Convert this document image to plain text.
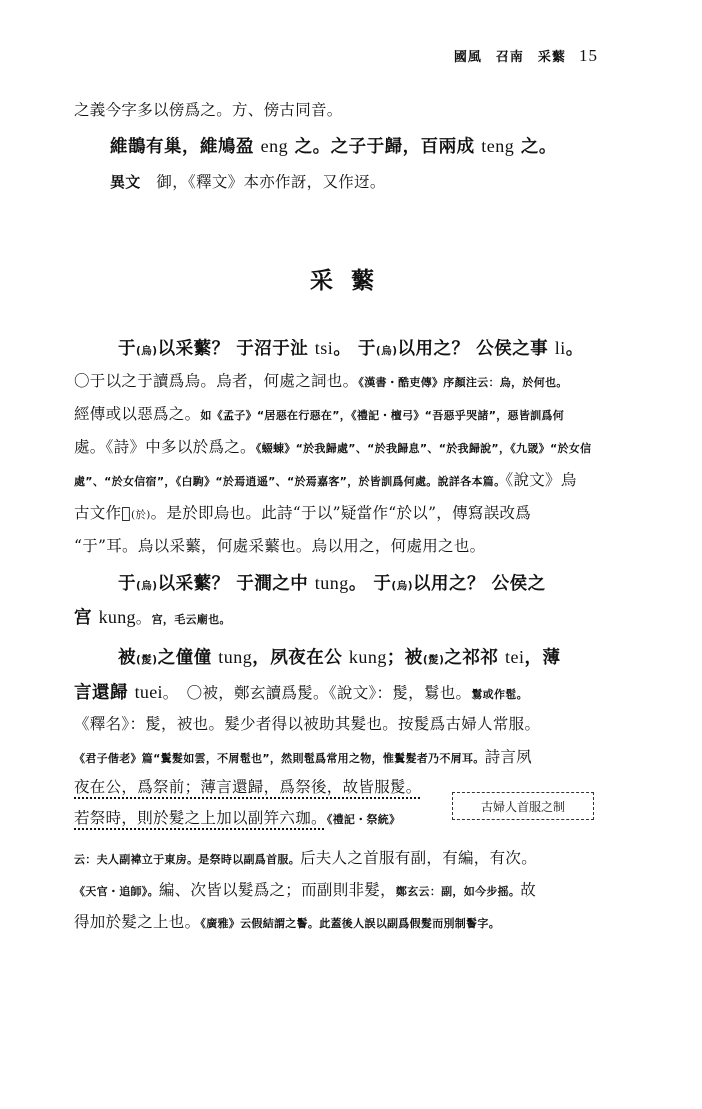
國風　召南　采蘩 15
之義今字多以傍爲之。方、傍古同音。
維鵲有巢，維鳩盈 eng 之。之子于歸，百兩成 teng 之。
異文　御，《釋文》本亦作訝，又作迓。
采蘩
于(烏)以采蘩？ 于沼于沚 tsi。 于(烏)以用之？ 公侯之事 li。
〇于以之于讀爲烏。烏者，何處之詞也。《漢書・酷吏傳》序顏注云：烏，於何也。
經傳或以惡爲之。如《孟子》“居惡在行惡在”，《禮記・檀弓》“吾惡乎哭諸”，惡皆訓爲何
處。《詩》中多以於爲之。《蝃蝀》“於我歸處”、“於我歸息”、“於我歸說”，《九罭》“於女信
處”、“於女信宿”，《白駒》“於焉逍遥”、“於焉嘉客”，於皆訓爲何處。說詳各本篇。《說文》烏
古文作𢑳(於)。是於即烏也。此詩“于以”疑當作“於以”，傳寫誤改爲
“于”耳。烏以采蘩，何處采蘩也。烏以用之，何處用之也。
于(烏)以采蘩？ 于澗之中 tung。 于(烏)以用之？ 公侯之
宫 kung。宫，毛云廟也。
被(髲)之僮僮 tung，夙夜在公 kung；被(髲)之祁祁 tei，薄
言還歸 tuei。　〇被，鄭玄讀爲髲。《說文》：髲，鬄也。鬄或作髢。
《釋名》：髲，被也。髮少者得以被助其髮也。按髲爲古婦人常服。
《君子偕老》篇“鬒髮如雲，不屑髢也”，然則髢爲常用之物，惟鬒髮者乃不屑耳。詩言夙
夜在公，爲祭前；薄言還歸，爲祭後，故皆服髲。
若祭時，則於髮之上加以副笄六珈。《禮記・祭統》
古婦人首服之制
云：夫人副褘立于東房。是祭時以副爲首服。后夫人之首服有副，有編，有次。
《天官・追師》。編、次皆以髮爲之；而副則非髮，鄭玄云：副，如今步摇。故
得加於髮之上也。《廣雅》云假結謂之鬠。此蓋後人誤以副爲假髮而別制鬠字。
